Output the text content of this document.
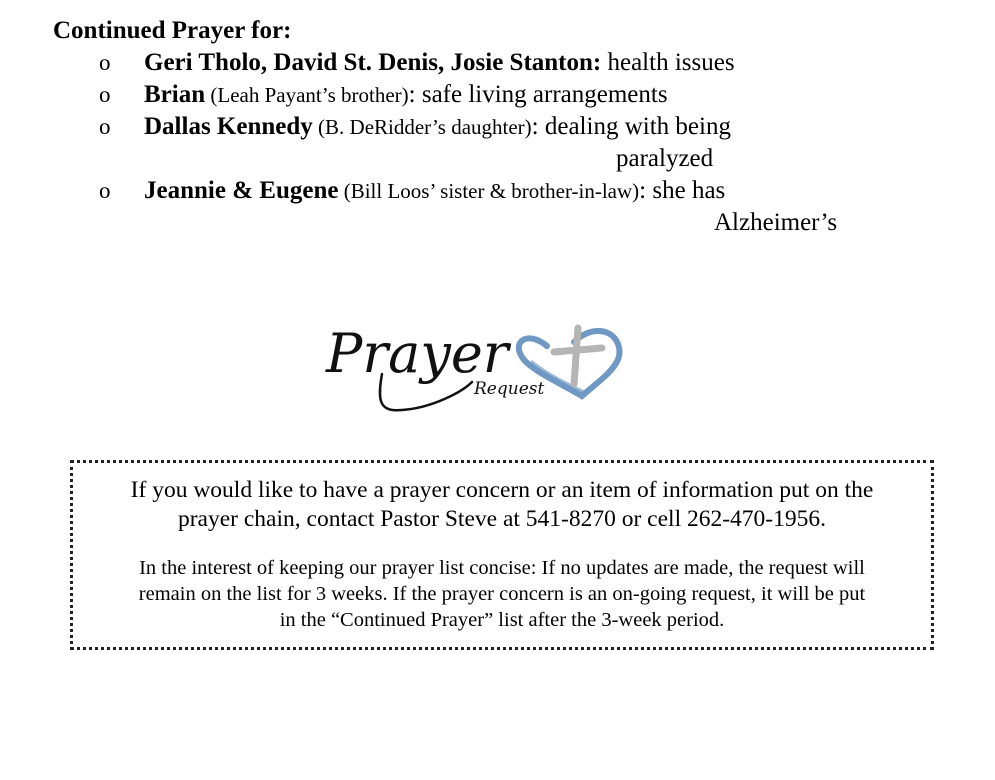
Continued Prayer for:
o Geri Tholo, David St. Denis, Josie Stanton: health issues
o Brian (Leah Payant’s brother): safe living arrangements
o Dallas Kennedy (B. DeRidder’s daughter): dealing with being
paralyzed
o Jeannie & Eugene (Bill Loos’ sister & brother-in-law): she has
Alzheimer’s
Prayer
Request
If you would like to have a prayer concern or an item of information put on the
prayer chain, contact Pastor Steve at 541-8270 or cell 262-470-1956.
In the interest of keeping our prayer list concise: If no updates are made, the request will
remain on the list for 3 weeks. If the prayer concern is an on-going request, it will be put
in the “Continued Prayer” list after the 3-week period.
